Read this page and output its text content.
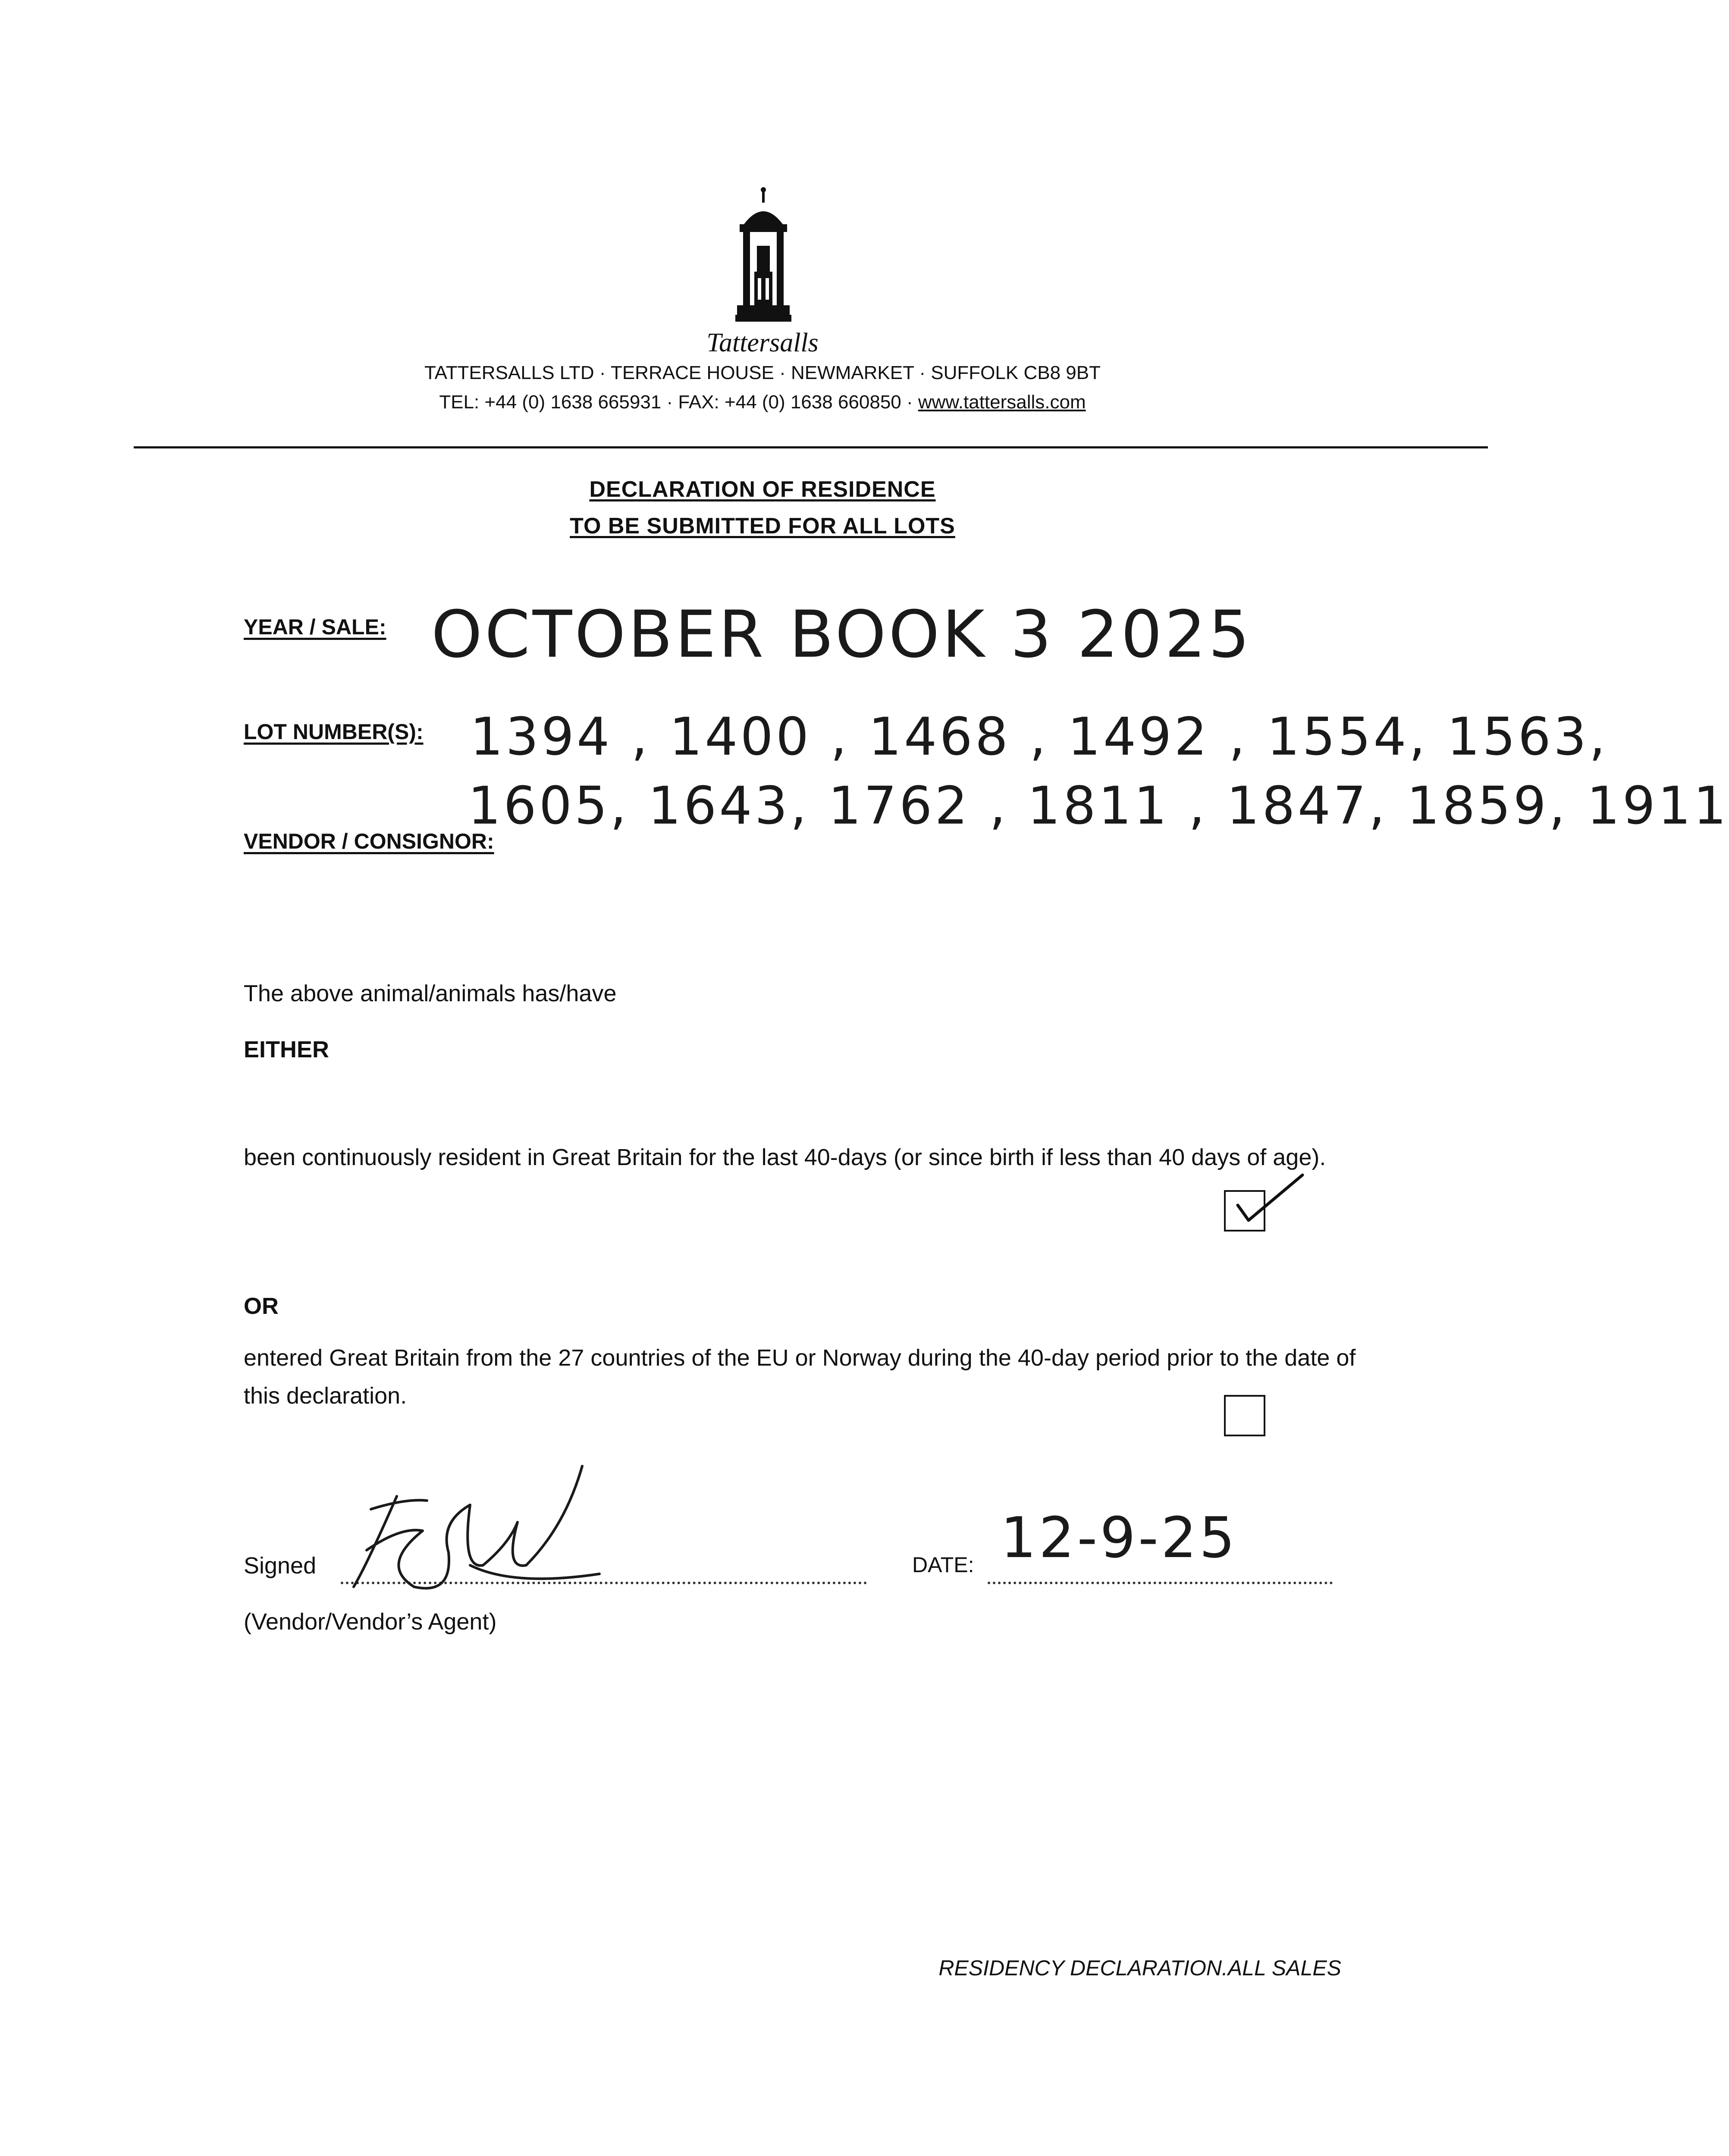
Tattersalls
TATTERSALLS LTD · TERRACE HOUSE · NEWMARKET · SUFFOLK CB8 9BT
TEL: +44 (0) 1638 665931 · FAX: +44 (0) 1638 660850 · www.tattersalls.com
DECLARATION OF RESIDENCE
TO BE SUBMITTED FOR ALL LOTS
YEAR / SALE: OCTOBER BOOK 3 2025
LOT NUMBER(S): 1394 , 1400 , 1468 , 1492 , 1554, 1563,
1605, 1643, 1762 , 1811 , 1847, 1859, 1911
VENDOR / CONSIGNOR:
The above animal/animals has/have
EITHER
been continuously resident in Great Britain for the last 40-days (or since birth if less than 40 days of age).
OR
entered Great Britain from the 27 countries of the EU or Norway during the 40-day period prior to the date of this declaration.
Signed	DATE: 12-9-25
(Vendor/Vendor’s Agent)
RESIDENCY DECLARATION.ALL SALES
